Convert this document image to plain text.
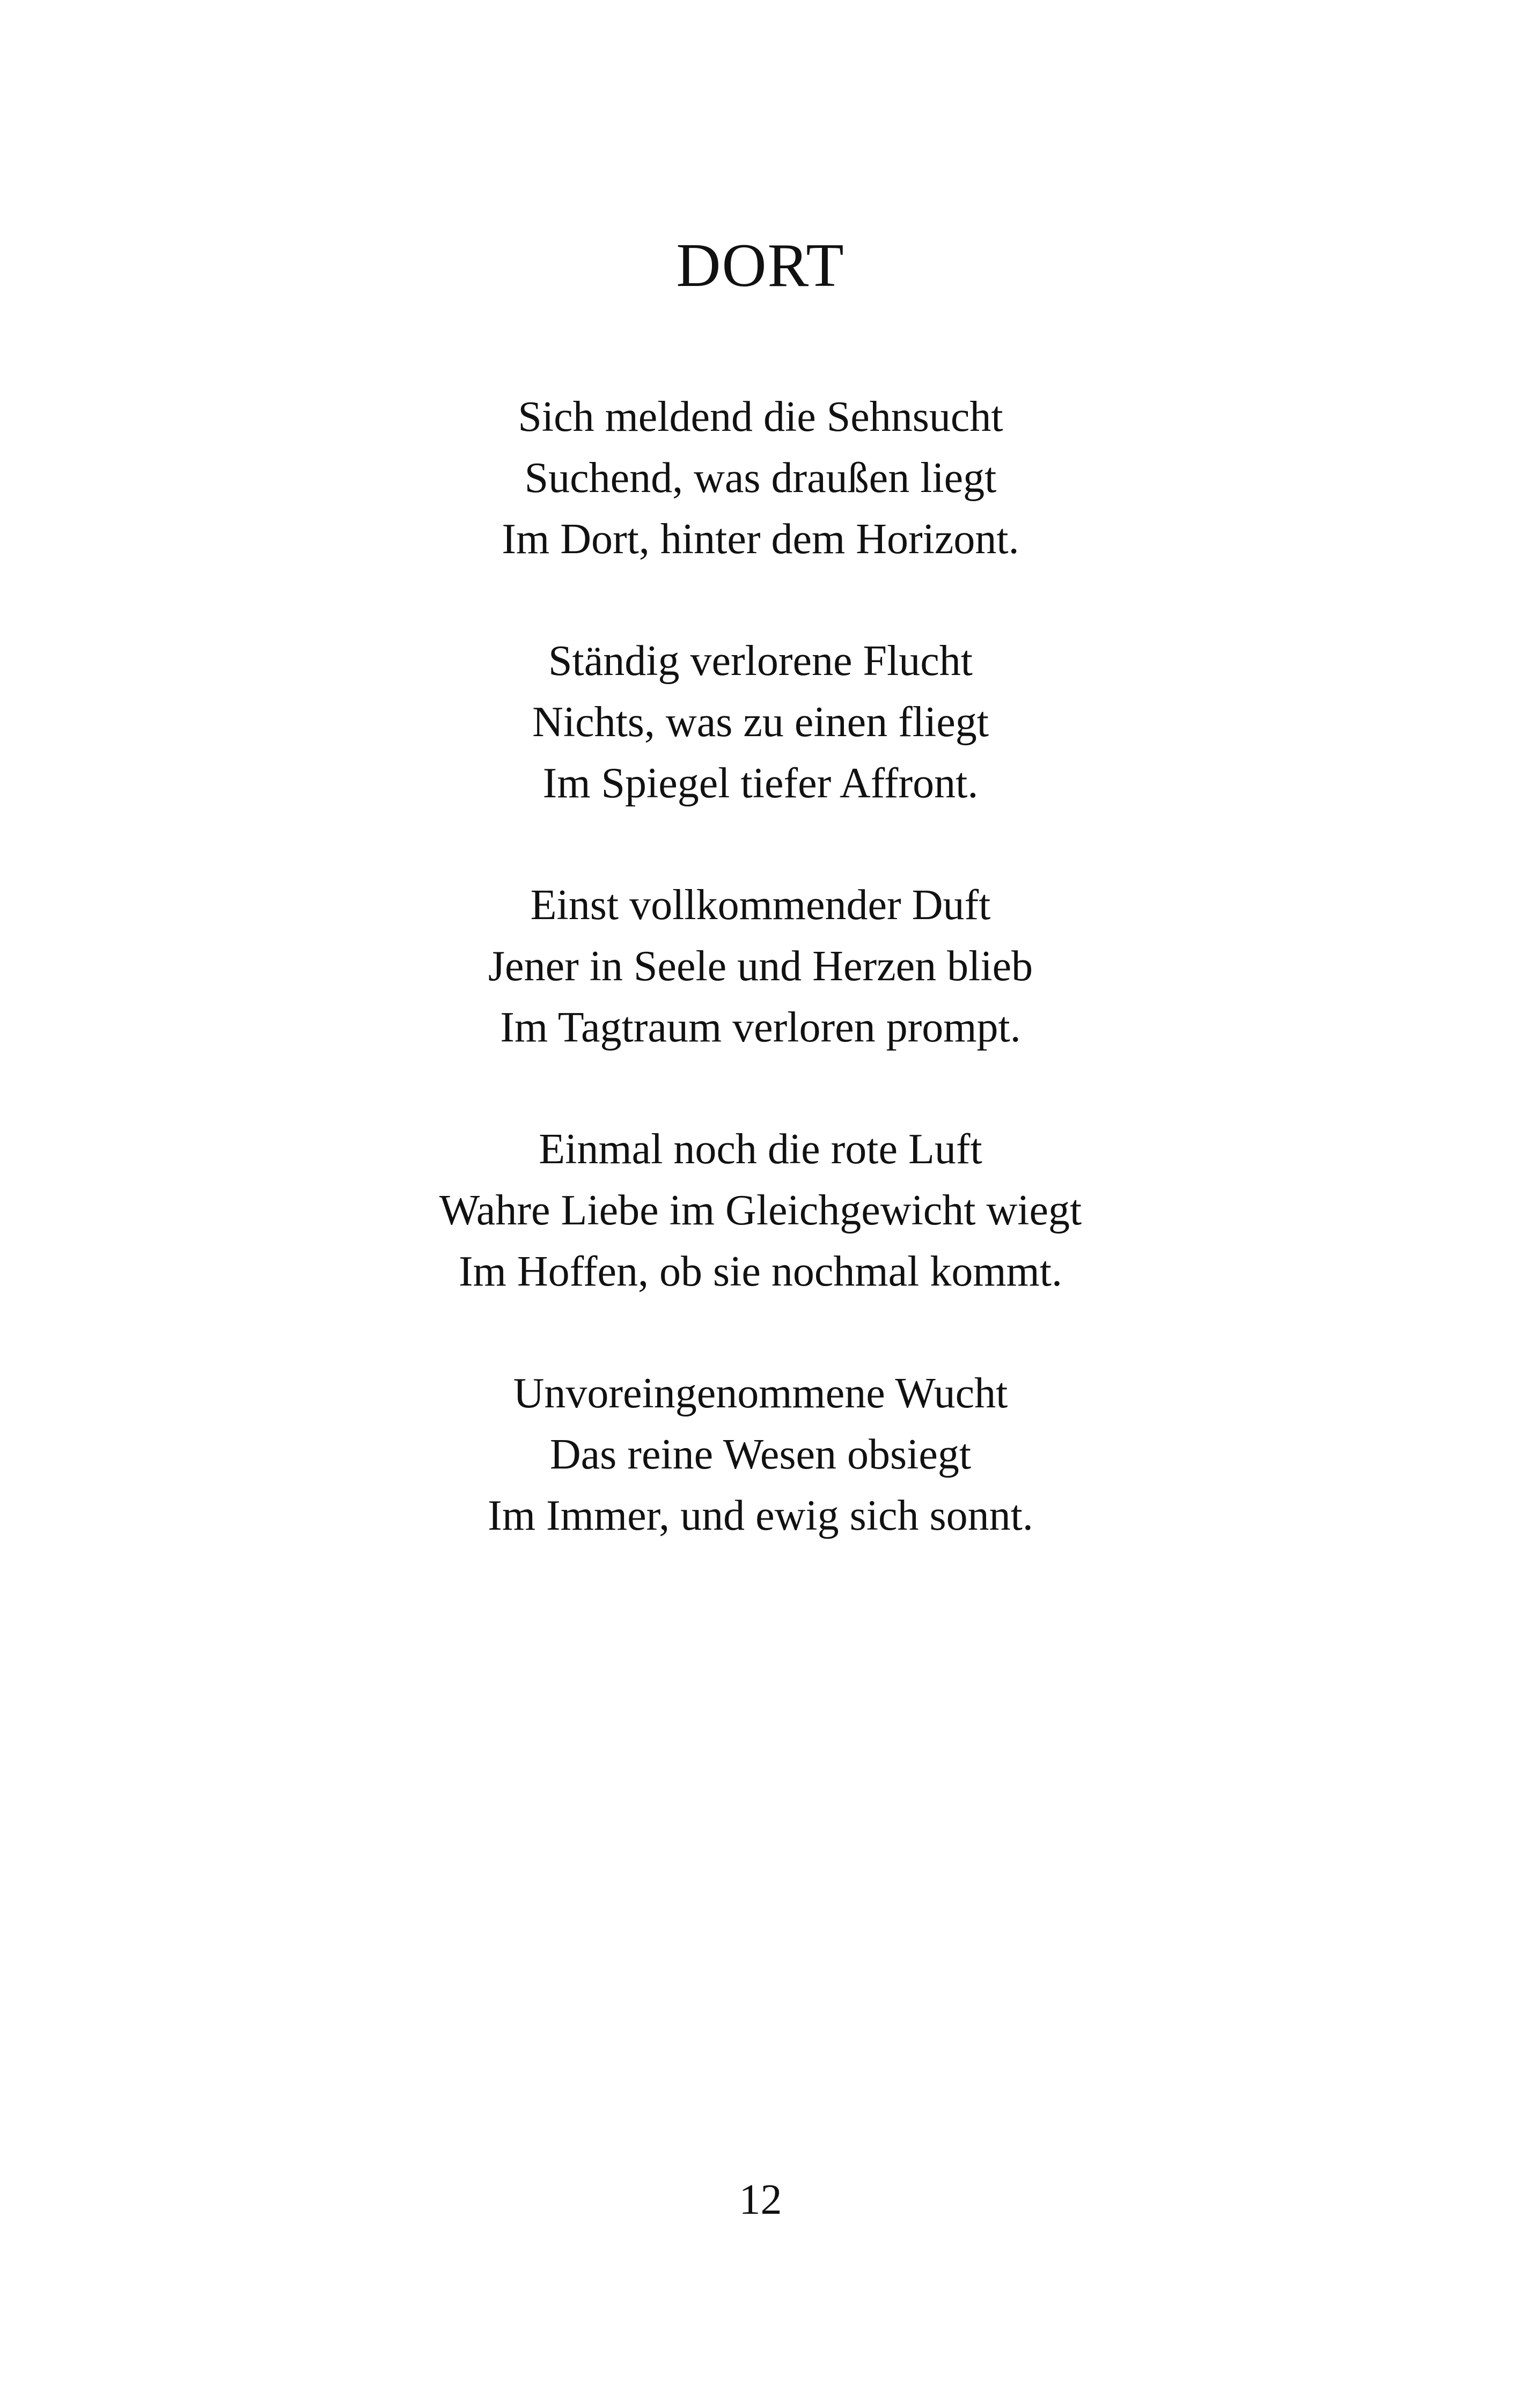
DORT
Sich meldend die Sehnsucht
Suchend, was draußen liegt
Im Dort, hinter dem Horizont.
Ständig verlorene Flucht
Nichts, was zu einen fliegt
Im Spiegel tiefer Affront.
Einst vollkommender Duft
Jener in Seele und Herzen blieb
Im Tagtraum verloren prompt.
Einmal noch die rote Luft
Wahre Liebe im Gleichgewicht wiegt
Im Hoffen, ob sie nochmal kommt.
Unvoreingenommene Wucht
Das reine Wesen obsiegt
Im Immer, und ewig sich sonnt.
12
